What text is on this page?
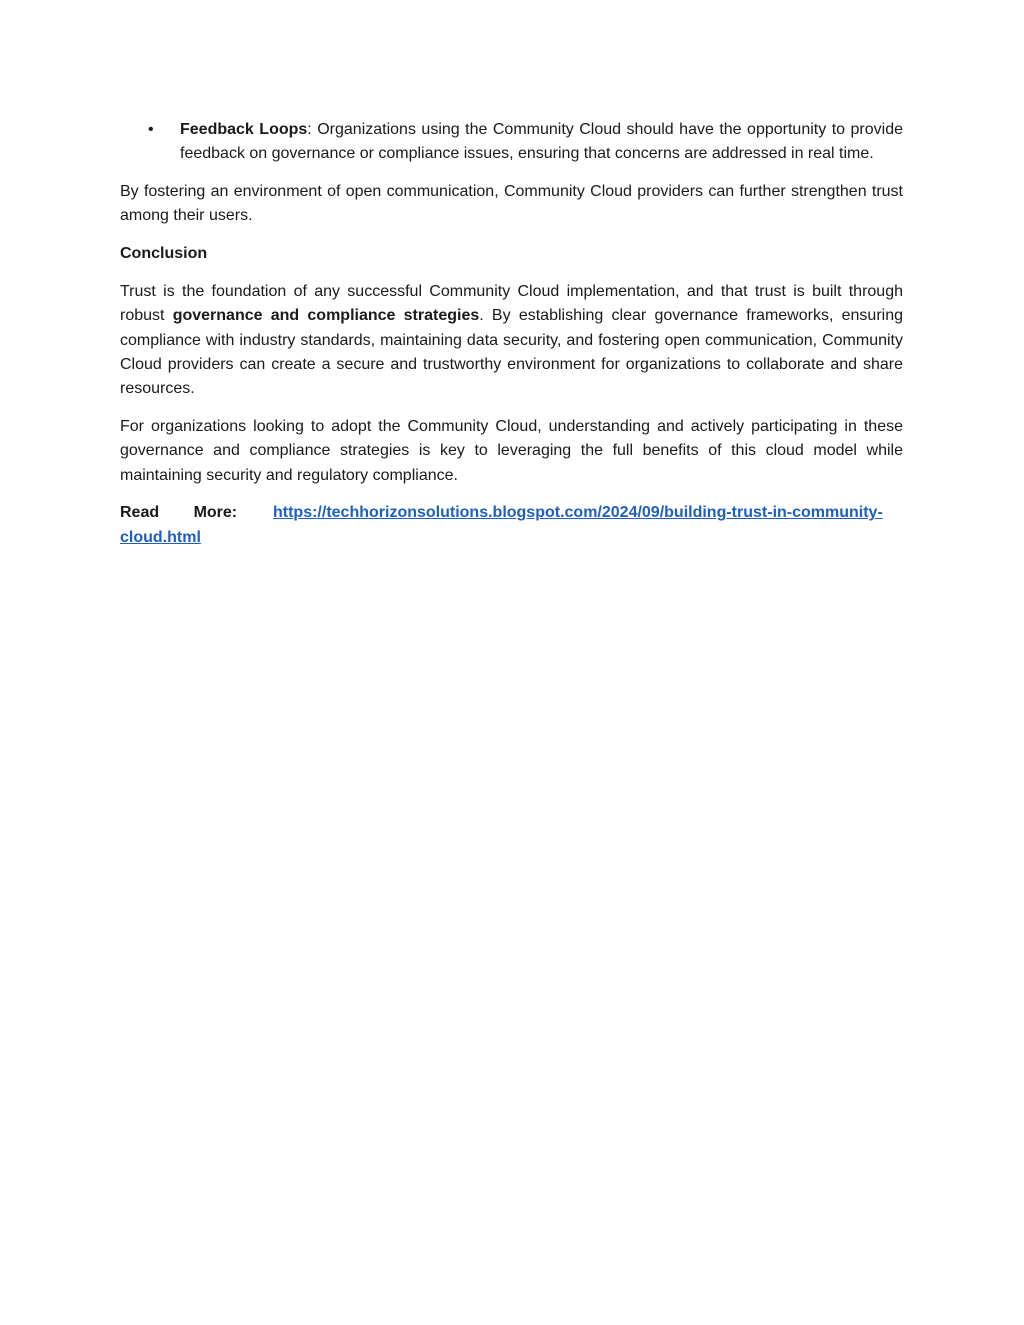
• Feedback Loops: Organizations using the Community Cloud should have the opportunity to provide feedback on governance or compliance issues, ensuring that concerns are addressed in real time.

By fostering an environment of open communication, Community Cloud providers can further strengthen trust among their users.

Conclusion

Trust is the foundation of any successful Community Cloud implementation, and that trust is built through robust governance and compliance strategies. By establishing clear governance frameworks, ensuring compliance with industry standards, maintaining data security, and fostering open communication, Community Cloud providers can create a secure and trustworthy environment for organizations to collaborate and share resources.

For organizations looking to adopt the Community Cloud, understanding and actively participating in these governance and compliance strategies is key to leveraging the full benefits of this cloud model while maintaining security and regulatory compliance.

Read More: https://techhorizonsolutions.blogspot.com/2024/09/building-trust-in-community-cloud.html
